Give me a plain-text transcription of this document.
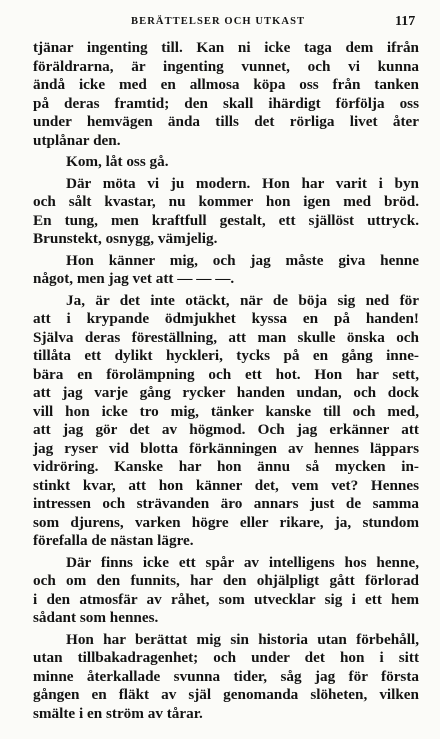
BERÄTTELSER OCH UTKAST	117
tjänar ingenting till. Kan ni icke taga dem ifrån
föräldrarna, är ingenting vunnet, och vi kunna
ändå icke med en allmosa köpa oss från tanken
på deras framtid; den skall ihärdigt förfölja oss
under hemvägen ända tills det rörliga livet åter
utplånar den.
Kom, låt oss gå.
Där möta vi ju modern. Hon har varit i byn
och sålt kvastar, nu kommer hon igen med bröd.
En tung, men kraftfull gestalt, ett själlöst uttryck.
Brunstekt, osnygg, vämjelig.
Hon känner mig, och jag måste giva henne
något, men jag vet att — — —.
Ja, är det inte otäckt, när de böja sig ned för
att i krypande ödmjukhet kyssa en på handen!
Själva deras föreställning, att man skulle önska och
tillåta ett dylikt hyckleri, tycks på en gång inne-
bära en förolämpning och ett hot. Hon har sett,
att jag varje gång rycker handen undan, och dock
vill hon icke tro mig, tänker kanske till och med,
att jag gör det av högmod. Och jag erkänner att
jag ryser vid blotta förkänningen av hennes läppars
vidröring. Kanske har hon ännu så mycken in-
stinkt kvar, att hon känner det, vem vet? Hennes
intressen och strävanden äro annars just de samma
som djurens, varken högre eller rikare, ja, stundom
förefalla de nästan lägre.
Där finns icke ett spår av intelligens hos henne,
och om den funnits, har den ohjälpligt gått förlorad
i den atmosfär av råhet, som utvecklar sig i ett hem
sådant som hennes.
Hon har berättat mig sin historia utan förbehåll,
utan tillbakadragenhet; och under det hon i sitt
minne återkallade svunna tider, såg jag för första
gången en fläkt av själ genomanda slöheten, vilken
smälte i en ström av tårar.
